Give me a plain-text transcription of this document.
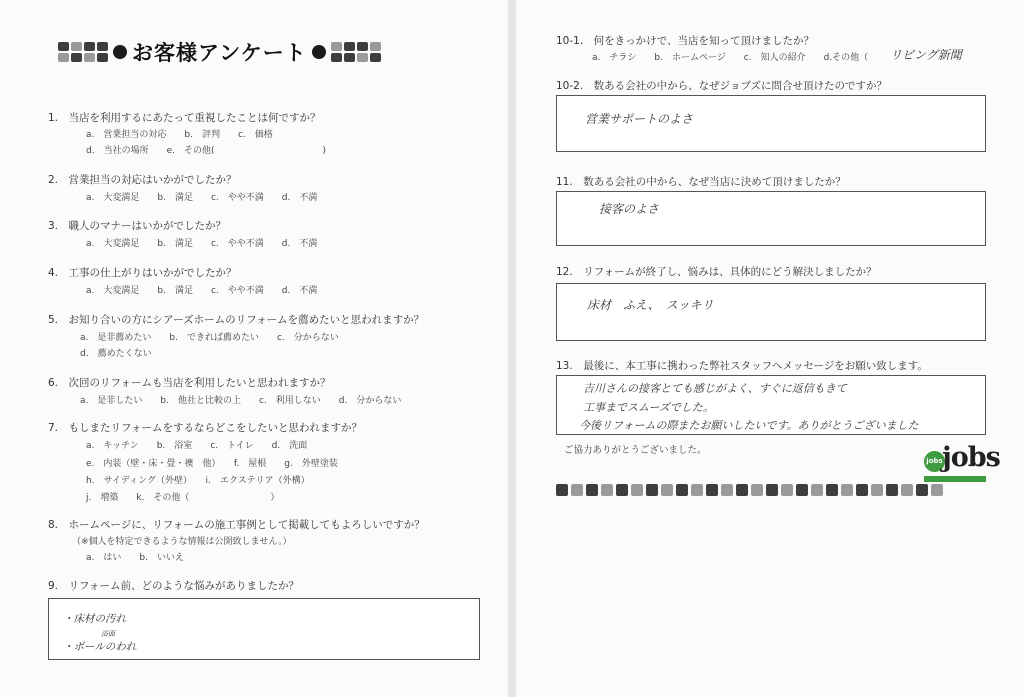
お客様アンケート
1.　当店を利用するにあたって重視したことは何ですか？
a.　営業担当の対応　　b.　評判　　c.　価格
d.　当社の場所　　e.　その他(　　　　　　　　　　　　)
2.　営業担当の対応はいかがでしたか？
a.　大変満足　　b.　満足　　c.　やや不満　　d.　不満
3.　職人のマナーはいかがでしたか？
a.　大変満足　　b.　満足　　c.　やや不満　　d.　不満
4.　工事の仕上がりはいかがでしたか？
a.　大変満足　　b.　満足　　c.　やや不満　　d.　不満
5.　お知り合いの方にシアーズホームのリフォームを薦めたいと思われますか？
a.　是非薦めたい　　b.　できれば薦めたい　　c.　分からない
d.　薦めたくない
6.　次回のリフォームも当店を利用したいと思われますか？
a.　是非したい　　b.　他社と比較の上　　c.　利用しない　　d.　分からない
7.　もしまたリフォームをするならどこをしたいと思われますか？
a.　キッチン　　b.　浴室　　c.　トイレ　　d.　洗面
e.　内装（壁・床・畳・襖　他）　　f.　屋根　　g.　外壁塗装
h.　サイディング（外壁）　　i.　エクステリア（外構）
j.　増築　　k.　その他（　　　　　　　　　）
8.　ホームページに、リフォームの施工事例として掲載してもよろしいですか？
（※個人を特定できるような情報は公開致しません。）
a.　はい　　b.　いいえ
9.　リフォーム前、どのような悩みがありましたか？
・床材の汚れ
浴面
・ボールのわれ
10-1.　何をきっかけで、当店を知って頂けましたか？
a.　チラシ　　b.　ホームページ　　c.　知人の紹介　　d.その他（ リビング新聞
10-2.　数ある会社の中から、なぜジョブズに問合せ頂けたのですか？
営業サポートのよさ
11.　数ある会社の中から、なぜ当店に決めて頂けましたか？
接客のよさ
12.　リフォームが終了し、悩みは、具体的にどう解決しましたか？
床材　ふえ、　スッキリ
13.　最後に、本工事に携わった弊社スタッフへメッセージをお願い致します。
吉川さんの接客とても感じがよく、すぐに返信もきて
工事までスムーズでした。
今後リフォームの際またお願いしたいです。ありがとうございました
ご協力ありがとうございました。
jobs jobs
